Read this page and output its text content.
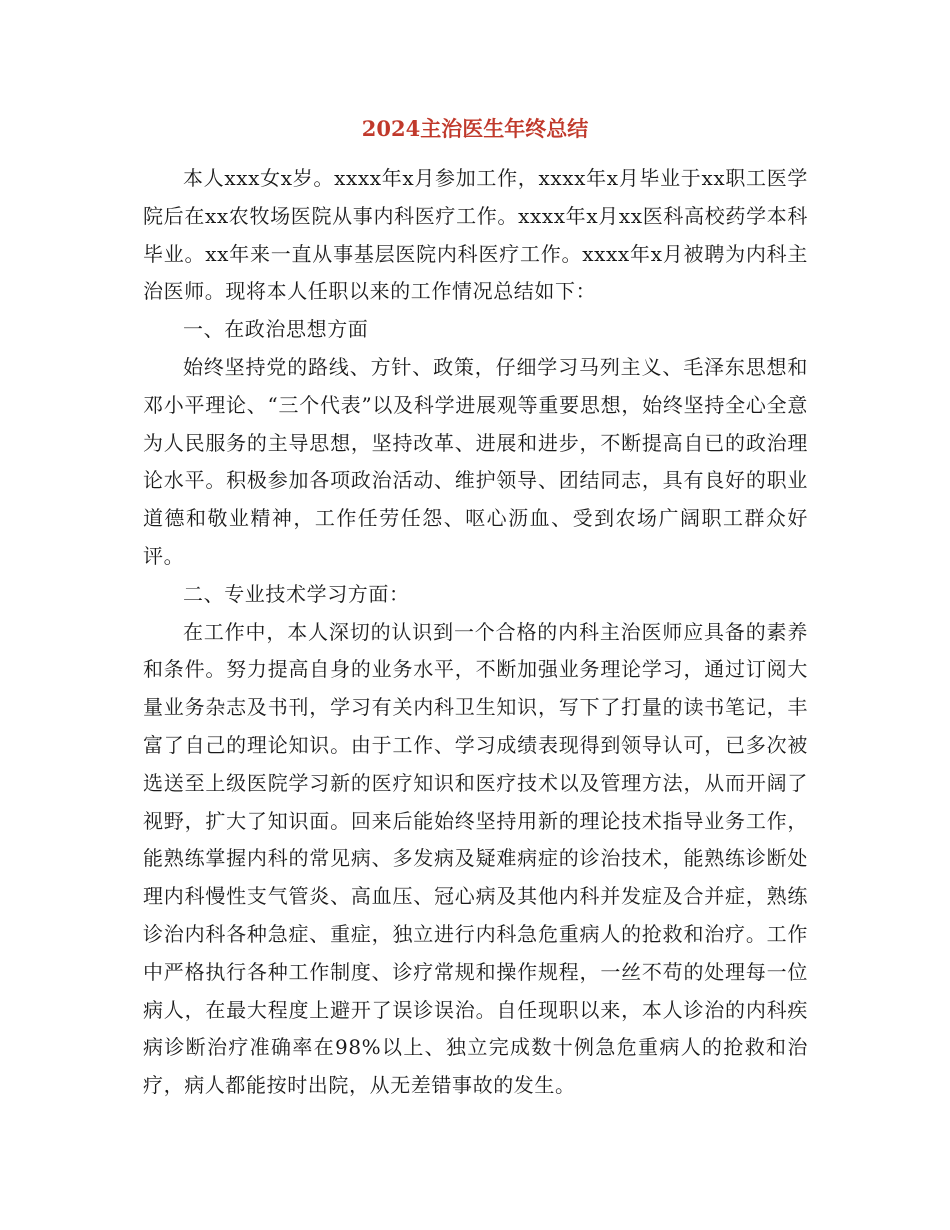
2024主治医生年终总结

本人xxx女x岁。xxxx年x月参加工作，xxxx年x月毕业于xx职工医学院后在xx农牧场医院从事内科医疗工作。xxxx年x月xx医科高校药学本科毕业。xx年来一直从事基层医院内科医疗工作。xxxx年x月被聘为内科主治医师。现将本人任职以来的工作情况总结如下：

一、在政治思想方面

始终坚持党的路线、方针、政策，仔细学习马列主义、毛泽东思想和邓小平理论、“三个代表”以及科学进展观等重要思想，始终坚持全心全意为人民服务的主导思想，坚持改革、进展和进步，不断提高自已的政治理论水平。积极参加各项政治活动、维护领导、团结同志，具有良好的职业道德和敬业精神，工作任劳任怨、呕心沥血、受到农场广阔职工群众好评。

二、专业技术学习方面：

在工作中，本人深切的认识到一个合格的内科主治医师应具备的素养和条件。努力提高自身的业务水平，不断加强业务理论学习，通过订阅大量业务杂志及书刊，学习有关内科卫生知识，写下了打量的读书笔记，丰富了自己的理论知识。由于工作、学习成绩表现得到领导认可，已多次被选送至上级医院学习新的医疗知识和医疗技术以及管理方法，从而开阔了视野，扩大了知识面。回来后能始终坚持用新的理论技术指导业务工作，能熟练掌握内科的常见病、多发病及疑难病症的诊治技术，能熟练诊断处理内科慢性支气管炎、高血压、冠心病及其他内科并发症及合并症，熟练诊治内科各种急症、重症，独立进行内科急危重病人的抢救和治疗。工作中严格执行各种工作制度、诊疗常规和操作规程，一丝不苟的处理每一位病人，在最大程度上避开了误诊误治。自任现职以来，本人诊治的内科疾病诊断治疗准确率在98%以上、独立完成数十例急危重病人的抢救和治疗，病人都能按时出院，从无差错事故的发生。
